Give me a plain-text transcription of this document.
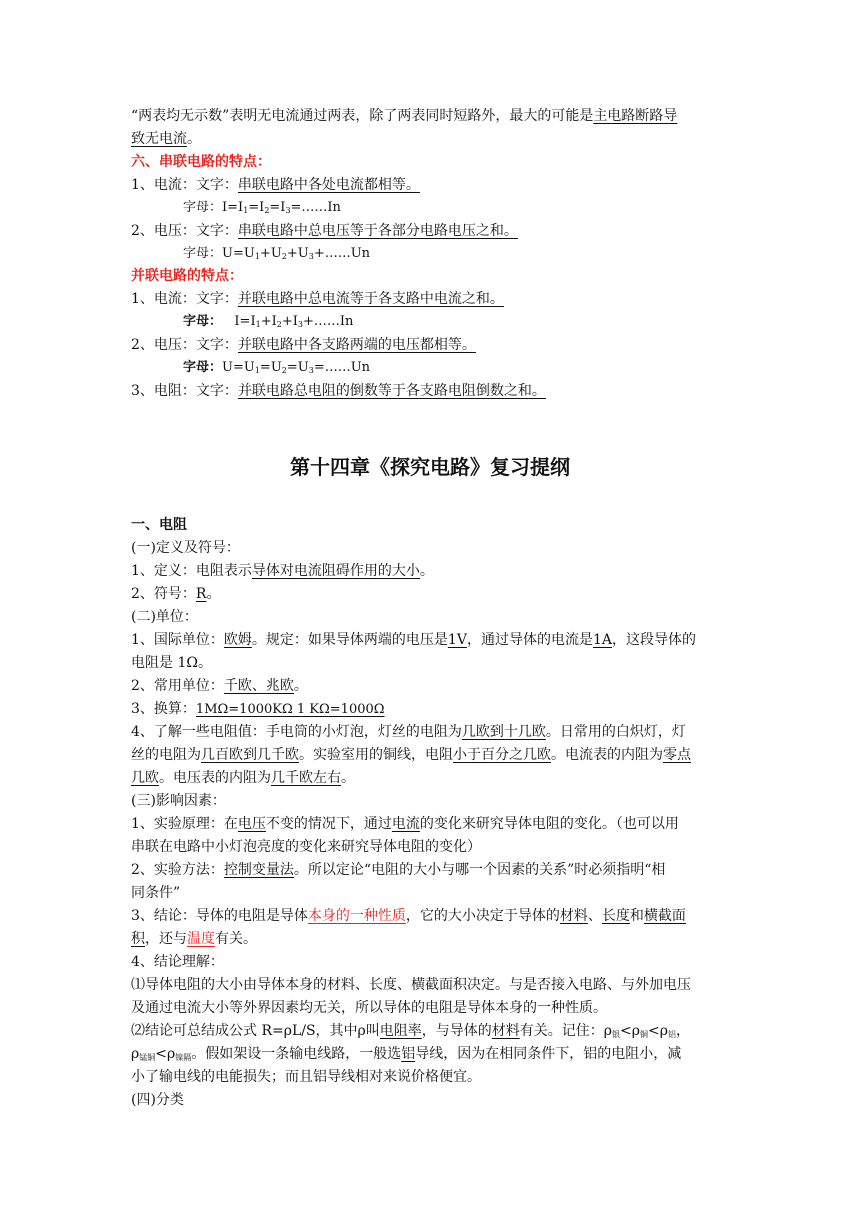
“两表均无示数”表明无电流通过两表，除了两表同时短路外，最大的可能是主电路断路导
致无电流。
六、串联电路的特点：
1、电流：文字：串联电路中各处电流都相等。
字母：$I=I_1=I_2=I_3=\dots\dots In$
2、电压：文字：串联电路中总电压等于各部分电路电压之和。
字母：$U=U_1+U_2+U_3+\dots\dots Un$
并联电路的特点：
1、电流：文字：并联电路中总电流等于各支路中电流之和。
字母： $I=I_1+I_2+I_3+\dots\dots In$
2、电压：文字：并联电路中各支路两端的电压都相等。
字母：$U=U_1=U_2=U_3=\dots\dots Un$
3、电阻：文字：并联电路总电阻的倒数等于各支路电阻倒数之和。
第十四章《探究电路》复习提纲
一、电阻
(一)定义及符号：
1、定义：电阻表示导体对电流阻碍作用的大小。
2、符号：R。
(二)单位：
1、国际单位：欧姆。规定：如果导体两端的电压是1V，通过导体的电流是1A，这段导体的
电阻是 1Ω。
2、常用单位：千欧、兆欧。
3、换算：1MΩ=1000KΩ 1 KΩ=1000Ω
4、了解一些电阻值：手电筒的小灯泡，灯丝的电阻为几欧到十几欧。日常用的白炽灯，灯
丝的电阻为几百欧到几千欧。实验室用的铜线，电阻小于百分之几欧。电流表的内阻为零点
几欧。电压表的内阻为几千欧左右。
(三)影响因素：
1、实验原理：在电压不变的情况下，通过电流的变化来研究导体电阻的变化。（也可以用
串联在电路中小灯泡亮度的变化来研究导体电阻的变化）
2、实验方法：控制变量法。所以定论“电阻的大小与哪一个因素的关系”时必须指明“相
同条件”
3、结论：导体的电阻是导体本身的一种性质，它的大小决定于导体的材料、长度和横截面
积，还与温度有关。
4、结论理解：
⑴导体电阻的大小由导体本身的材料、长度、横截面积决定。与是否接入电路、与外加电压
及通过电流大小等外界因素均无关，所以导体的电阻是导体本身的一种性质。
⑵结论可总结成公式 R=ρL/S，其中ρ叫电阻率，与导体的材料有关。记住：$\rho_银<\rho_铜<\rho_铝$，
$\rho_{锰铜}<\rho_{镍隔}$。假如架设一条输电线路，一般选铝导线，因为在相同条件下，铝的电阻小，减
小了输电线的电能损失；而且铝导线相对来说价格便宜。
(四)分类
